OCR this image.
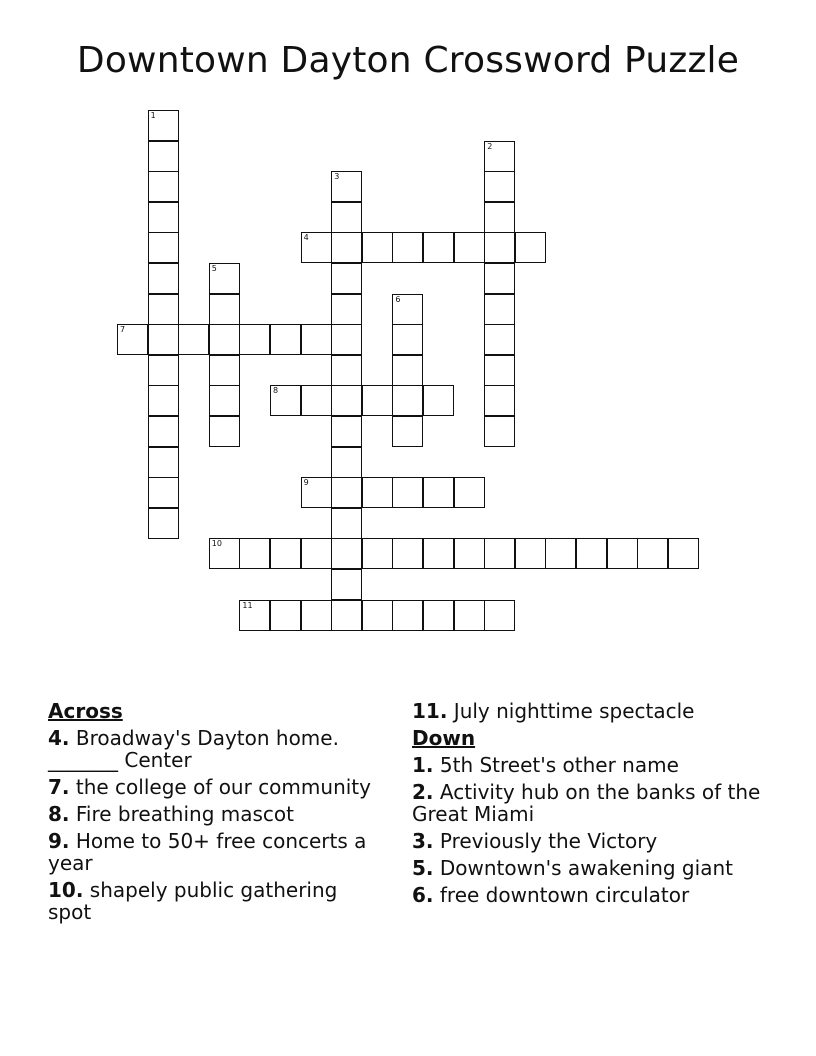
Downtown Dayton Crossword Puzzle
1
2
3
4
5
6
7
8
9
10
11
Across
4. Broadway's Dayton home. _______ Center
7. the college of our community
8. Fire breathing mascot
9. Home to 50+ free concerts a year
10. shapely public gathering spot
11. July nighttime spectacle
Down
1. 5th Street's other name
2. Activity hub on the banks of the Great Miami
3. Previously the Victory
5. Downtown's awakening giant
6. free downtown circulator
